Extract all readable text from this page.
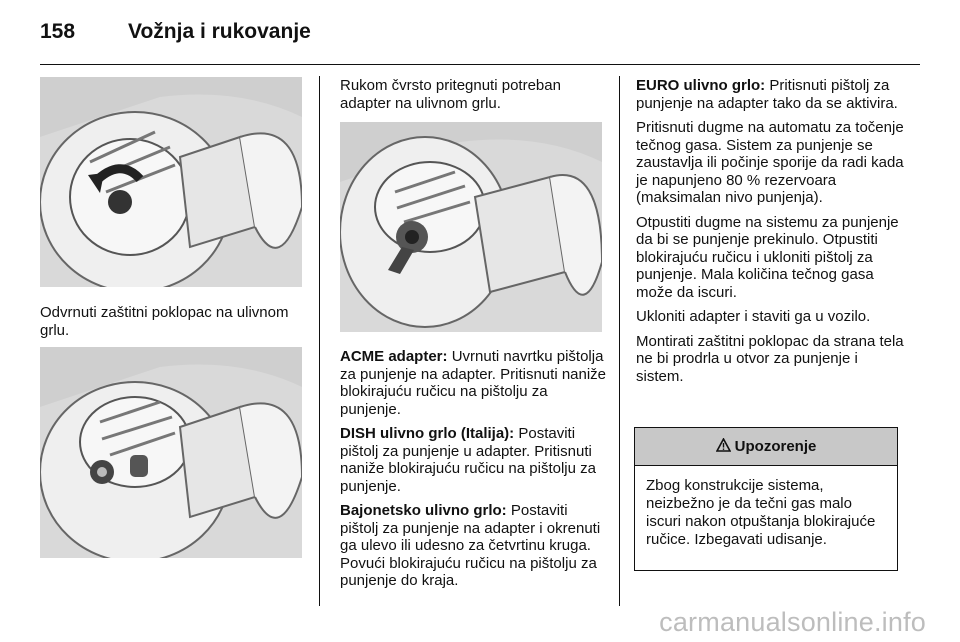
158	Vožnja i rukovanje
Odvrnuti zaštitni poklopac na ulivnom grlu.
Rukom čvrsto pritegnuti potreban adapter na ulivnom grlu.

ACME adapter: Uvrnuti navrtku pištolja za punjenje na adapter. Pritisnuti naniže blokirajuću ručicu na pištolju za punjenje.

DISH ulivno grlo (Italija): Postaviti pištolj za punjenje u adapter. Pritisnuti naniže blokirajuću ručicu na pištolju za punjenje.

Bajonetsko ulivno grlo: Postaviti pištolj za punjenje na adapter i okrenuti ga ulevo ili udesno za četvrtinu kruga. Povući blokirajuću ručicu na pištolju za punjenje do kraja.

EURO ulivno grlo: Pritisnuti pištolj za punjenje na adapter tako da se aktivira.

Pritisnuti dugme na automatu za točenje tečnog gasa. Sistem za punjenje se zaustavlja ili počinje sporije da radi kada je napunjeno 80 % rezervoara (maksimalan nivo punjenja).

Otpustiti dugme na sistemu za punjenje da bi se punjenje prekinulo. Otpustiti blokirajuću ručicu i ukloniti pištolj za punjenje. Mala količina tečnog gasa može da iscuri.

Ukloniti adapter i staviti ga u vozilo.

Montirati zaštitni poklopac da strana tela ne bi prodrla u otvor za punjenje i sistem.

Upozorenje
Zbog konstrukcije sistema, neizbežno je da tečni gas malo iscuri nakon otpuštanja blokirajuće ručice. Izbegavati udisanje.
carmanualsonline.info
